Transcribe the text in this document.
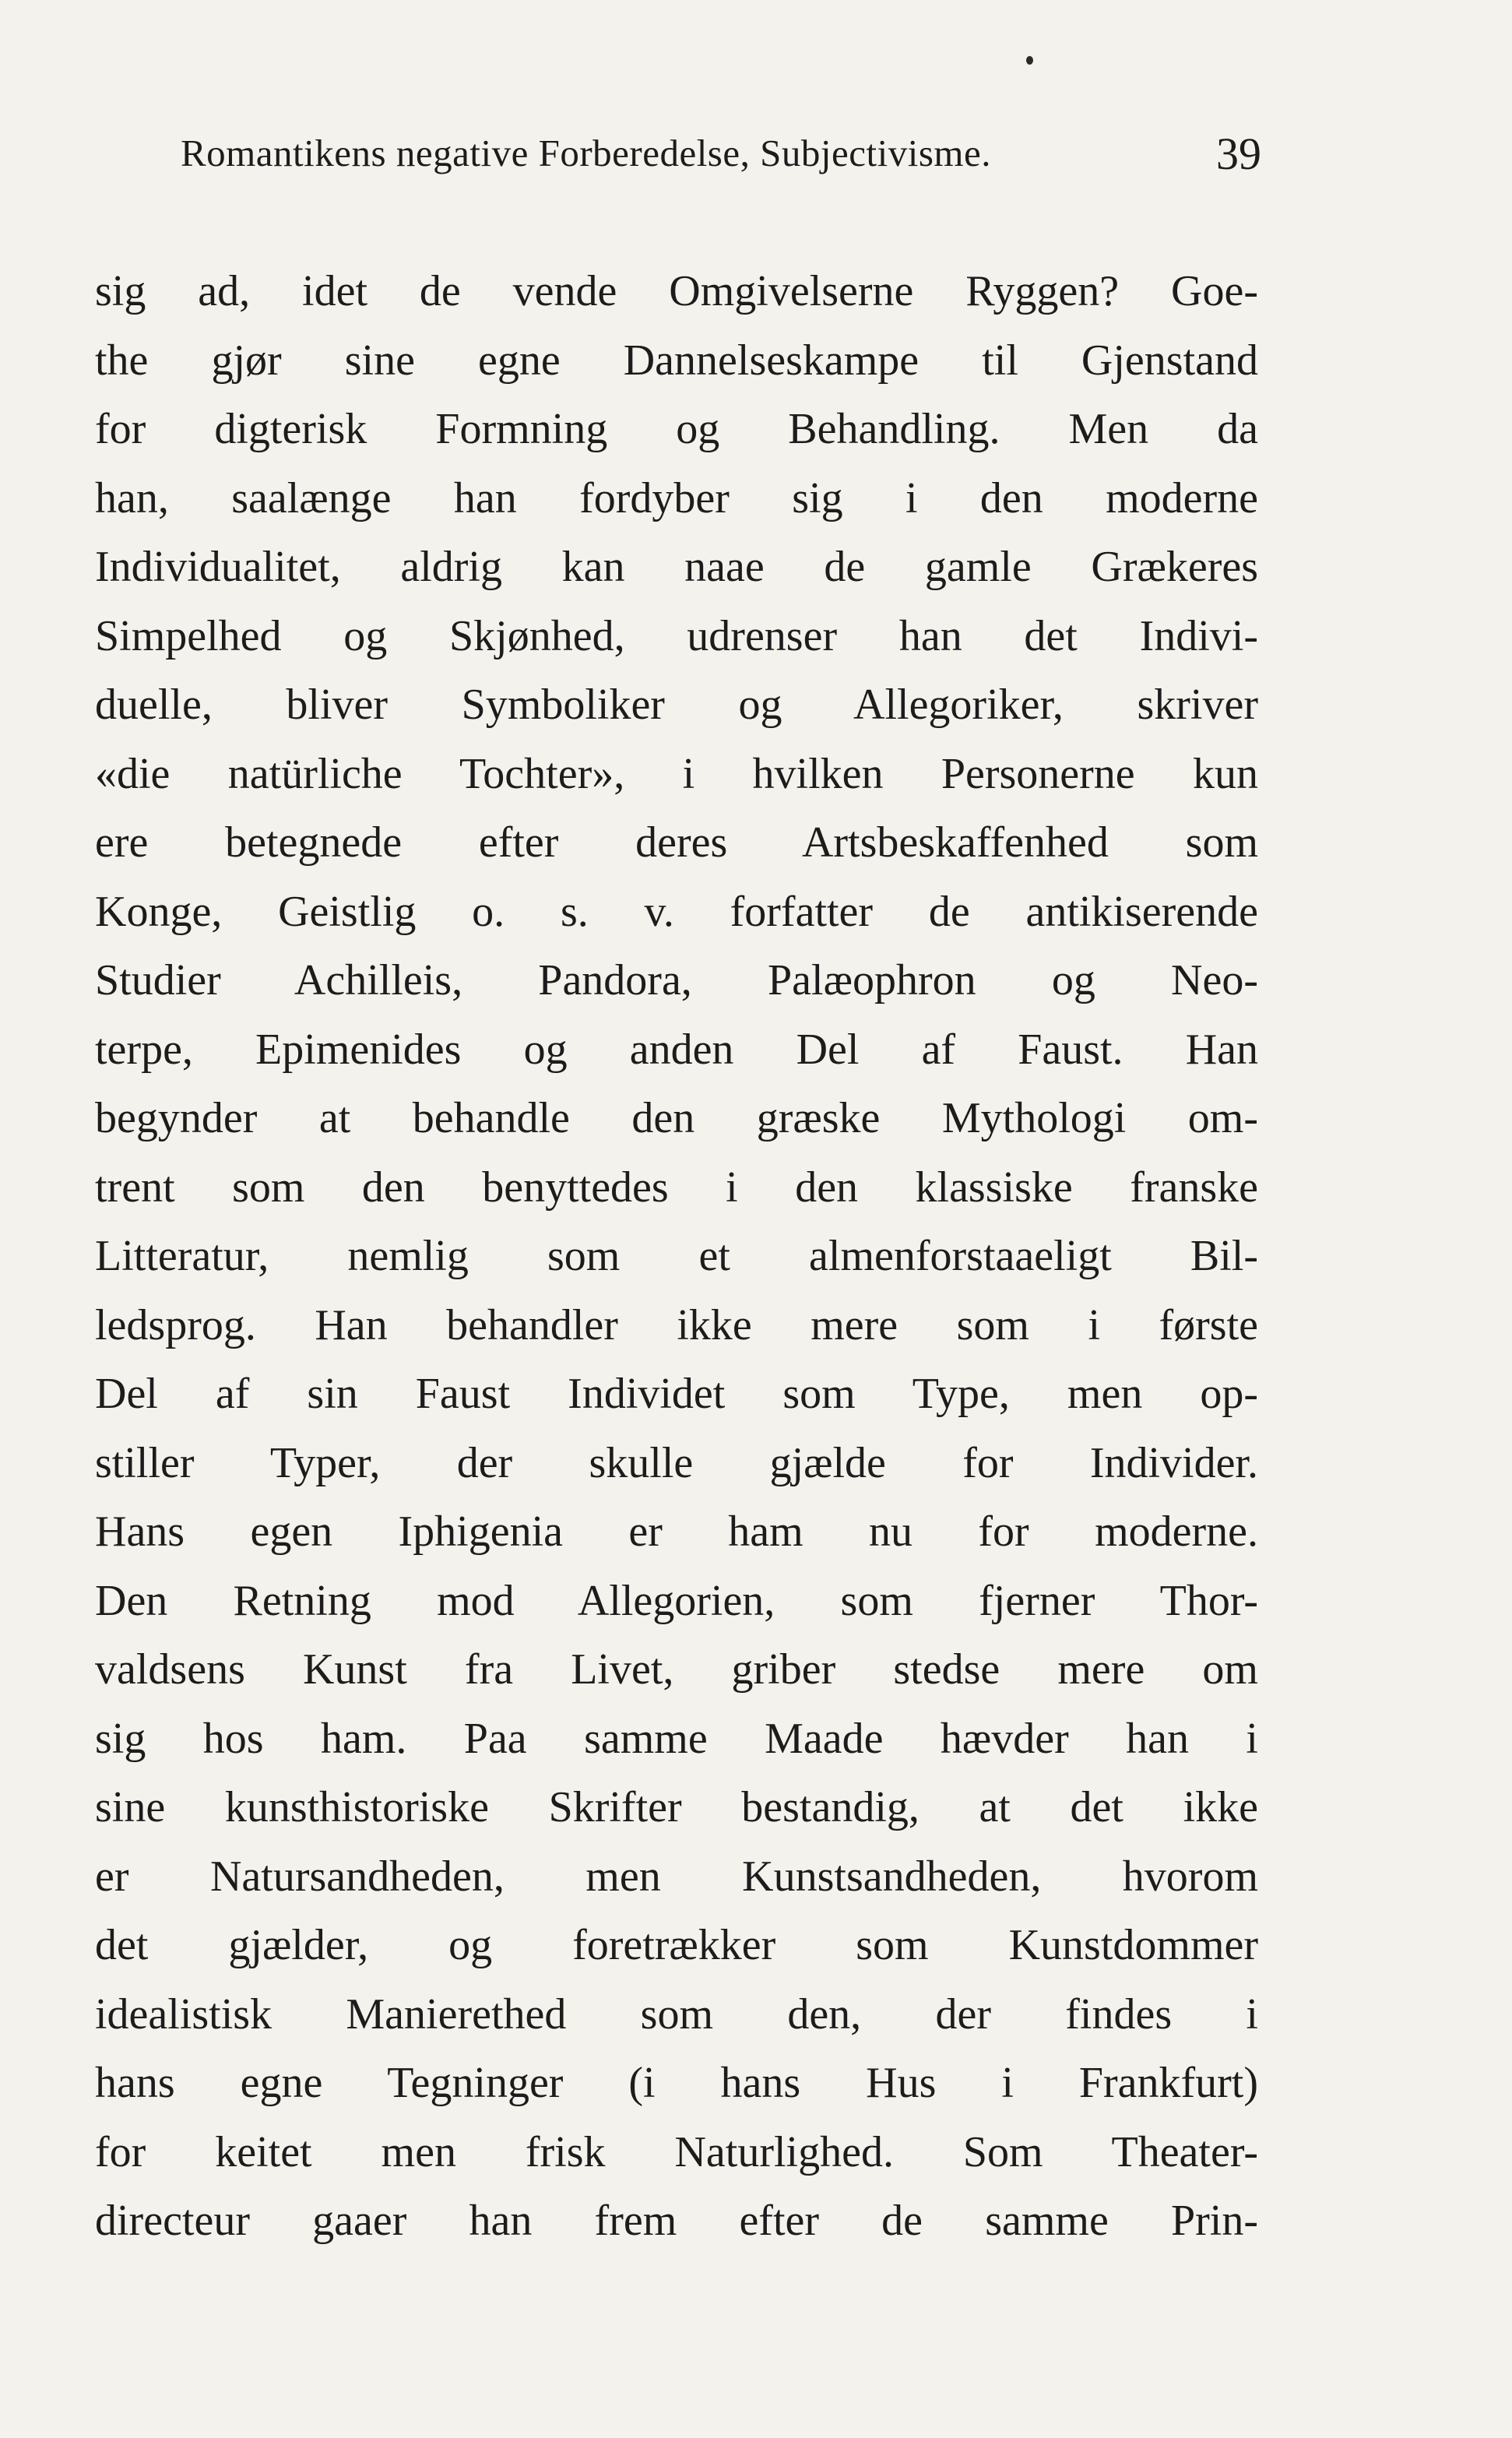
Romantikens negative Forberedelse, Subjectivisme.	39
sig ad, idet de vende Omgivelserne Ryggen? Goe-
the gjør sine egne Dannelseskampe til Gjenstand
for digterisk Formning og Behandling. Men da
han, saalænge han fordyber sig i den moderne
Individualitet, aldrig kan naae de gamle Grækeres
Simpelhed og Skjønhed, udrenser han det Indivi-
duelle, bliver Symboliker og Allegoriker, skriver
«die natürliche Tochter», i hvilken Personerne kun
ere betegnede efter deres Artsbeskaffenhed som
Konge, Geistlig o. s. v. forfatter de antikiserende
Studier Achilleis, Pandora, Palæophron og Neo-
terpe, Epimenides og anden Del af Faust. Han
begynder at behandle den græske Mythologi om-
trent som den benyttedes i den klassiske franske
Litteratur, nemlig som et almenforstaaeligt Bil-
ledsprog. Han behandler ikke mere som i første
Del af sin Faust Individet som Type, men op-
stiller Typer, der skulle gjælde for Individer.
Hans egen Iphigenia er ham nu for moderne.
Den Retning mod Allegorien, som fjerner Thor-
valdsens Kunst fra Livet, griber stedse mere om
sig hos ham. Paa samme Maade hævder han i
sine kunsthistoriske Skrifter bestandig, at det ikke
er Natursandheden, men Kunstsandheden, hvorom
det gjælder, og foretrækker som Kunstdommer
idealistisk Manierethed som den, der findes i
hans egne Tegninger (i hans Hus i Frankfurt)
for keitet men frisk Naturlighed. Som Theater-
directeur gaaer han frem efter de samme Prin-
